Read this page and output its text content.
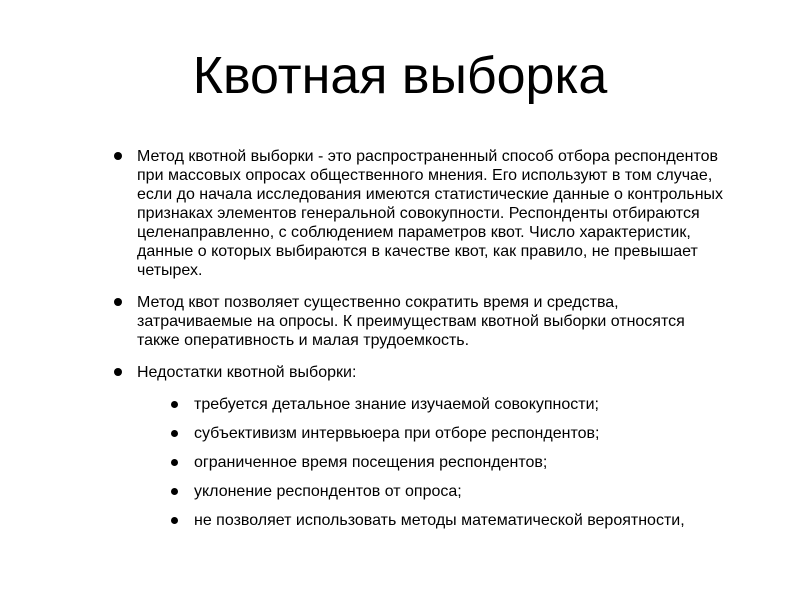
Квотная выборка
Метод квотной выборки - это распространенный способ отбора респондентов при массовых опросах общественного мнения. Его используют в том случае, если до начала исследования имеются статистические данные о контрольных признаках элементов генеральной совокупности. Респонденты отбираются целенаправленно, с соблюдением параметров квот. Число характеристик, данные о которых выбираются в качестве квот, как правило, не превышает четырех.
Метод квот позволяет существенно сократить время и средства, затрачиваемые на опросы. К преимуществам квотной выборки относятся также оперативность и малая трудоемкость.
Недостатки квотной выборки:
требуется детальное знание изучаемой совокупности;
субъективизм интервьюера при отборе респондентов;
ограниченное время посещения респондентов;
уклонение респондентов от опроса;
не позволяет использовать методы математической вероятности,
